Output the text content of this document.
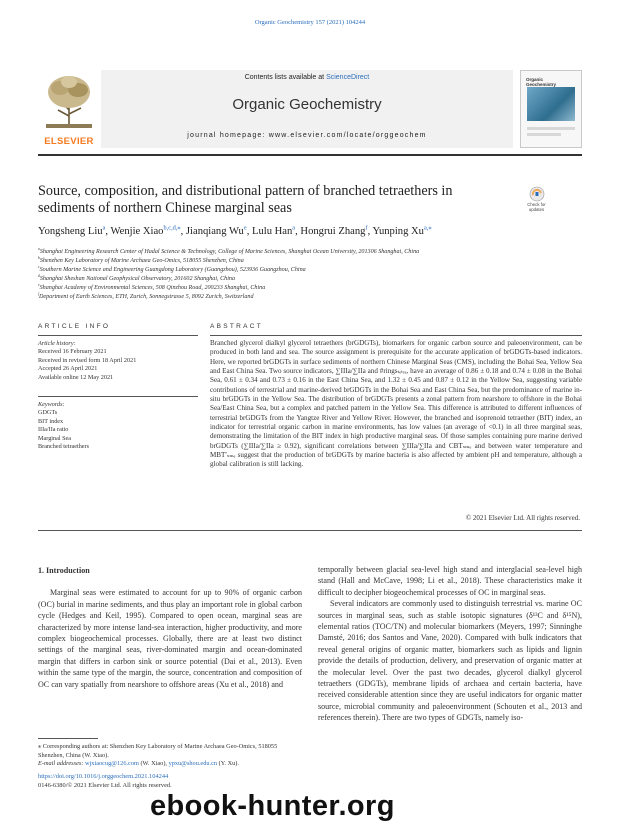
Organic Geochemistry 157 (2021) 104244
ELSEVIER
Contents lists available at ScienceDirect
Organic Geochemistry
journal homepage: www.elsevier.com/locate/orggeochem
Organic Geochemistry
Source, composition, and distributional pattern of branched tetraethers in sediments of northern Chinese marginal seas	Check for updates
Yongsheng Liu$^a$, Wenjie Xiao$^{b,c,d,⁎}$, Jianqiang Wu$^e$, Lulu Han$^a$, Hongrui Zhang$^f$, Yunping Xu$^{a,⁎}$
$^a$Shanghai Engineering Research Center of Hadal Science & Technology, College of Marine Sciences, Shanghai Ocean University, 201306 Shanghai, China
$^b$Shenzhen Key Laboratory of Marine Archaea Geo-Omics, 518055 Shenzhen, China
$^c$Southern Marine Science and Engineering Guangdong Laboratory (Guangzhou), 523936 Guangzhou, China
$^d$Shanghai Sheshan National Geophysical Observatory, 201602 Shanghai, China
$^e$Shanghai Academy of Environmental Sciences, 508 Qinzhou Road, 200233 Shanghai, China
$^f$Department of Earth Sciences, ETH, Zurich, Sonnegstrasse 5, 8092 Zurich, Switzerland
ARTICLE INFO	ABSTRACT
Article history:
Received 16 February 2021
Received in revised form 18 April 2021
Accepted 26 April 2021
Available online 12 May 2021
Keywords:
GDGTs
BIT index
IIIa/IIa ratio
Marginal Sea
Branched tetraethers
Branched glycerol dialkyl glycerol tetraethers (brGDGTs), biomarkers for organic carbon source and paleoenvironment, can be produced in both land and sea. The source assignment is prerequisite for the accurate application of brGDGTs-based indicators. Here, we reported brGDGTs in surface sediments of northern Chinese Marginal Seas (CMS), including the Bohai Sea, Yellow Sea and East China Sea. Two source indicators, ∑IIIa/∑IIa and #ringsₜₑₜᵣₐ, have an average of 0.86 ± 0.18 and 0.74 ± 0.08 in the Bohai Sea, 0.61 ± 0.34 and 0.73 ± 0.16 in the East China Sea, and 1.32 ± 0.45 and 0.87 ± 0.12 in the Yellow Sea, suggesting variable contributions of terrestrial and marine-derived brGDGTs in the Bohai Sea and East China Sea, but the predominance of marine in-situ brGDGTs in the Yellow Sea. The distribution of brGDGTs presents a zonal pattern from nearshore to offshore in the Bohai Sea/East China Sea, but a complex and patched pattern in the Yellow Sea. This difference is attributed to different influences of terrestrial brGDGTs from the Yangtze River and Yellow River. However, the branched and isoprenoid tetraether (BIT) index, an indicator for terrestrial organic carbon in marine environments, has low values (an average of <0.1) in all three marginal seas, demonstrating the limitation of the BIT index in high productive marginal seas. Of those samples containing pure marine derived brGDGTs (∑IIIa/∑IIa ≥ 0.92), significant correlations between ∑IIIa/∑IIa and CBTₛₘₑ and between water temperature and MBT′ₛₘₑ suggest that the production of brGDGTs by marine bacteria is also affected by ambient pH and temperature, although a global calibration is still lacking.
© 2021 Elsevier Ltd. All rights reserved.

1. Introduction

Marginal seas were estimated to account for up to 90% of organic carbon (OC) burial in marine sediments, and thus play an important role in global carbon cycle (Hedges and Keil, 1995). Compared to open ocean, marginal seas are characterized by more intense land-sea interaction, higher productivity, and more complex biogeochemical processes. Globally, there are at least two distinct settings of the marginal seas, river-dominated margin and ocean-dominated margin that differs in carbon sink or source potential (Dai et al., 2013). Even within the same type of the margin, the source, concentration and composition of OC can vary spatially from nearshore to offshore areas (Xu et al., 2018) and

temporally between glacial sea-level high stand and interglacial sea-level high stand (Hall and McCave, 1998; Li et al., 2018). These characteristics make it difficult to decipher biogeochemical processes of OC in marginal seas.

Several indicators are commonly used to distinguish terrestrial vs. marine OC sources in marginal seas, such as stable isotopic signatures (δ¹³C and δ¹⁵N), elemental ratios (TOC/TN) and molecular biomarkers (Meyers, 1997; Sinninghe Damsté, 2016; dos Santos and Vane, 2020). Compared with bulk indicators that reveal general origins of organic matter, biomarkers such as lipids and lignin provide the details of production, delivery, and preservation of organic matter at the molecular level. Over the past two decades, glycerol dialkyl glycerol tetraethers (GDGTs), membrane lipids of archaea and certain bacteria, have received considerable attention since they are useful indicators for organic matter source, microbial community and paleoenvironment (Schouten et al., 2013 and references therein). There are two types of GDGTs, namely iso-

⁎ Corresponding authors at: Shenzhen Key Laboratory of Marine Archaea Geo-Omics, 518055 Shenzhen, China (W. Xiao).
E-mail addresses: wjxiaocug@126.com (W. Xiao), ypxu@shou.edu.cn (Y. Xu).
https://doi.org/10.1016/j.orggeochem.2021.104244
0146-6380/© 2021 Elsevier Ltd. All rights reserved.
ebook-hunter.org
